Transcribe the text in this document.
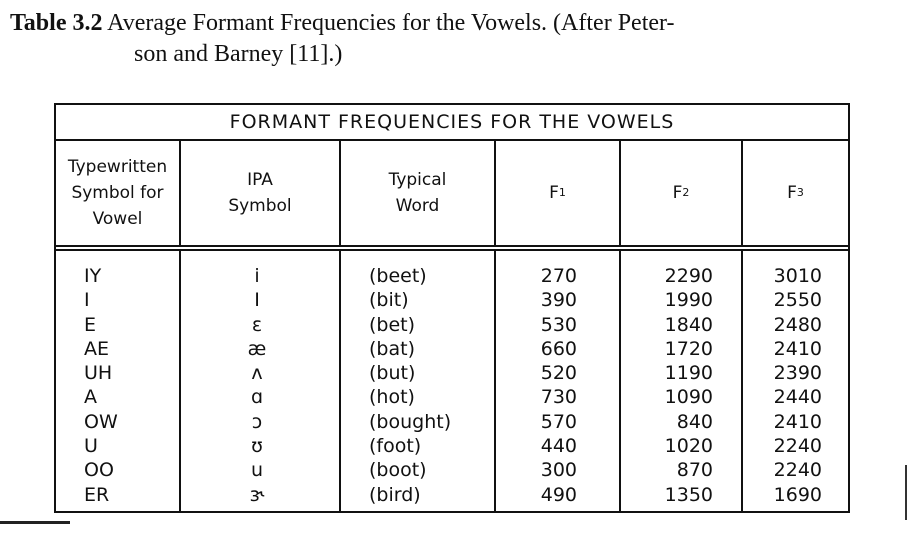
Table 3.2 Average Formant Frequencies for the Vowels. (After Peter-
son and Barney [11].)
FORMANT FREQUENCIES FOR THE VOWELS
Typewritten
Symbol for
Vowel
IPA
Symbol
Typical
Word
F 1	F 2	F 3
IY
I
E
AE
UH
A
OW
U
OO
ER
i
I
ɛ
æ
ʌ
ɑ
ɔ
ʊ
u
ɝ
(beet)
(bit)
(bet)
(bat)
(but)
(hot)
(bought)
(foot)
(boot)
(bird)
270
390
530
660
520
730
570
440
300
490
2290
1990
1840
1720
1190
1090
840
1020
870
1350
3010
2550
2480
2410
2390
2440
2410
2240
2240
1690
